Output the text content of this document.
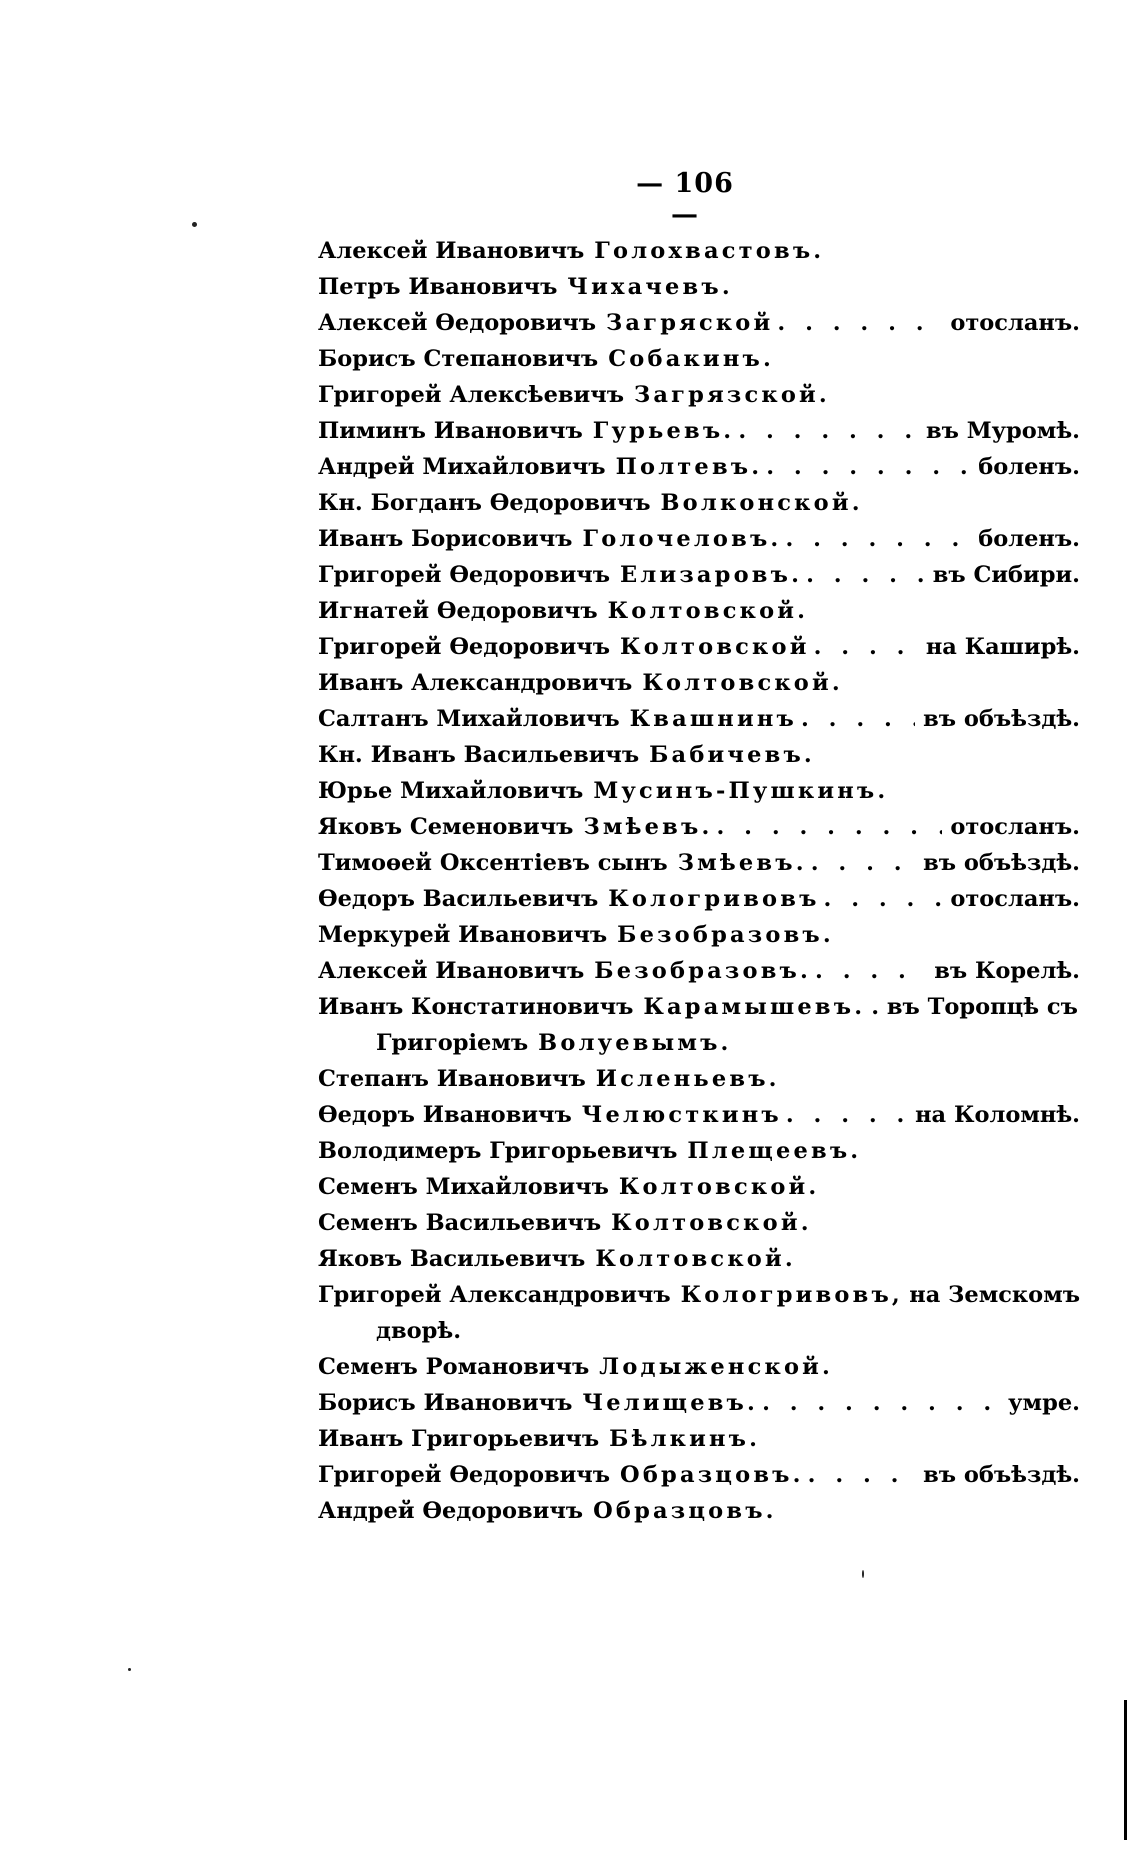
— 106 —
Алексей Ивановичъ Голохвастовъ.
Петръ Ивановичъ Чихачевъ.
Алексей Өедоровичъ Загряской . . .	отосланъ.
Борисъ Степановичъ Собакинъ.
Григорей Алексѣевичъ Загрязской.
Пиминъ Ивановичъ Гурьевъ. . . .	въ Муромѣ.
Андрей Михайловичъ Полтевъ. . . .	боленъ.
Кн. Богданъ Өедоровичъ Волконской.
Иванъ Борисовичъ Голочеловъ. . . .	боленъ.
Григорей Өедоровичъ Елизаровъ. . . .	въ Сибири.
Игнатей Өедоровичъ Колтовской.
Григорей Өедоровичъ Колтовской . . .	на Каширѣ.
Иванъ Александровичъ Колтовской.
Салтанъ Михайловичъ Квашнинъ . . .	въ объѣздѣ.
Кн. Иванъ Васильевичъ Бабичевъ.
Юрье Михайловичъ Мусинъ-Пушкинъ.
Яковъ Семеновичъ Змѣевъ. . . .	отосланъ.
Тимоөей Оксентiевъ сынъ Змѣевъ. . . .	въ объѣздѣ.
Өедоръ Васильевичъ Кологривовъ . . .	отосланъ.
Меркурей Ивановичъ Безобразовъ.
Алексей Ивановичъ Безобразовъ. . . .	въ Корелѣ.
Иванъ Констатиновичъ Карамышевъ. . въ Торопцѣ съ
Григорiемъ Волуевымъ.
Степанъ Ивановичъ Исленьевъ.
Өедоръ Ивановичъ Челюсткинъ . . .	на Коломнѣ.
Володимеръ Григорьевичъ Плещеевъ.
Семенъ Михайловичъ Колтовской.
Семенъ Васильевичъ Колтовской.
Яковъ Васильевичъ Колтовской.
Григорей Александровичъ Кологривовъ, на Земскомъ
дворѣ.
Семенъ Романовичъ Лодыженской.
Борисъ Ивановичъ Челищевъ. . . .	умре.
Иванъ Григорьевичъ Бѣлкинъ.
Григорей Өедоровичъ Образцовъ. . . .	въ объѣздѣ.
Андрей Өедоровичъ Образцовъ.
